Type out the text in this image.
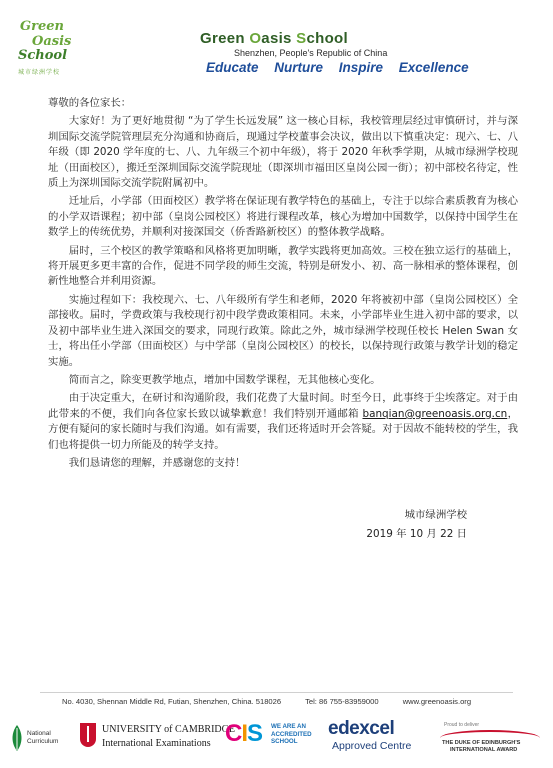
Green
Oasis
School
城市绿洲学校
Green Oasis School
Shenzhen, People's Republic of China
Educate Nurture Inspire Excellence

尊敬的各位家长：

大家好！为了更好地贯彻 “为了学生长远发展” 这一核心目标，我校管理层经过审慎研讨，并与深圳国际交流学院管理层充分沟通和协商后，现通过学校董事会决议，做出以下慎重决定：现六、七、八年级（即 2020 学年度的七、八、九年级三个初中年级），将于 2020 年秋季学期，从城市绿洲学校现址（田面校区），搬迁至深圳国际交流学院现址（即深圳市福田区皇岗公园一街）；初中部校名待定，性质上为深圳国际交流学院附属初中。

迁址后，小学部（田面校区）教学将在保证现有教学特色的基础上，专注于以综合素质教育为核心的小学双语课程；初中部（皇岗公园校区）将进行课程改革，核心为增加中国数学，以保持中国学生在数学上的传统优势，并顺利对接深国交（侨香路新校区）的整体教学战略。

届时，三个校区的教学策略和风格将更加明晰，教学实践将更加高效。三校在独立运行的基础上，将开展更多更丰富的合作，促进不同学段的师生交流，特别是研发小、初、高一脉相承的整体课程，创新性地整合并利用资源。

实施过程如下：我校现六、七、八年级所有学生和老师，2020 年将被初中部（皇岗公园校区）全部接收。届时，学费政策与我校现行初中段学费政策相同。未来，小学部毕业生进入初中部的要求，以及初中部毕业生进入深国交的要求，同现行政策。除此之外，城市绿洲学校现任校长 Helen Swan 女士，将出任小学部（田面校区）与中学部（皇岗公园校区）的校长，以保持现行政策与教学计划的稳定实施。

简而言之，除变更教学地点，增加中国数学课程，无其他核心变化。

由于决定重大，在研讨和沟通阶段，我们花费了大量时间。时至今日，此事终于尘埃落定。对于由此带来的不便，我们向各位家长致以诚挚歉意！我们特别开通邮箱 banqian@greenoasis.org.cn，方便有疑问的家长随时与我们沟通。如有需要，我们还将适时开会答疑。对于因故不能转校的学生，我们也将提供一切力所能及的转学支持。

我们恳请您的理解，并感谢您的支持！

城市绿洲学校
2019 年 10 月 22 日
No. 4030, Shennan Middle Rd, Futian, Shenzhen, China. 518026	Tel: 86 755-83959000	www.greenoasis.org
National
Curriculum
UNIVERSITY of CAMBRIDGE
International Examinations CIS WE ARE AN
ACCREDITED
SCHOOL
edexcel
Approved Centre
Proud to deliver
THE DUKE OF EDINBURGH'S
INTERNATIONAL AWARD
